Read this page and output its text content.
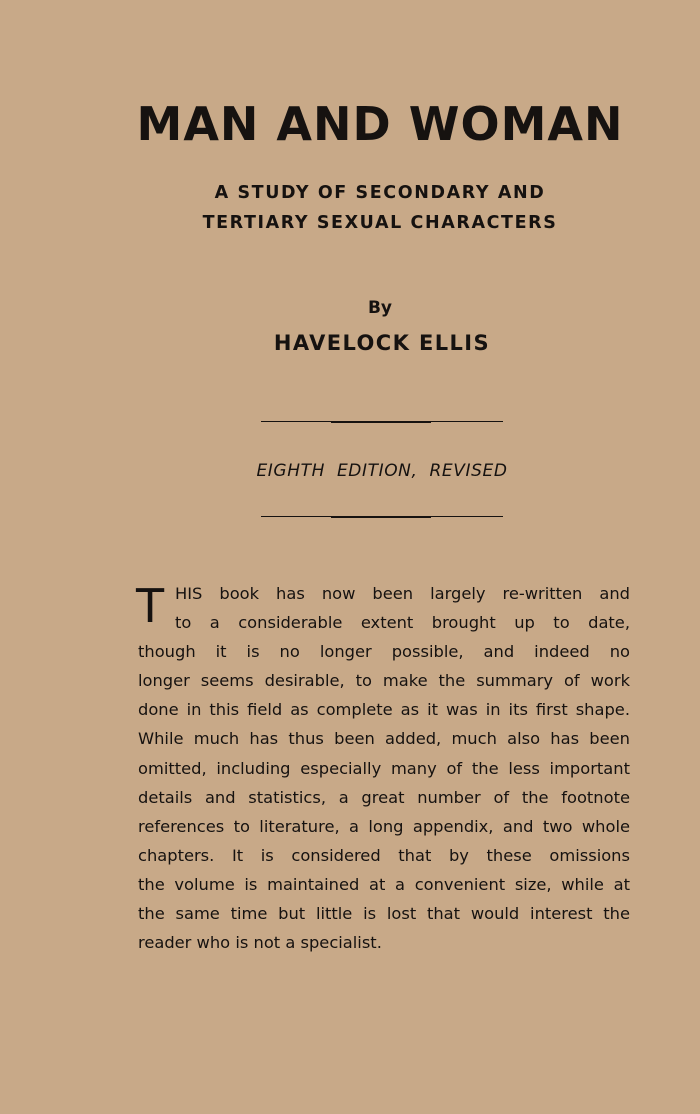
MAN AND WOMAN
A STUDY OF SECONDARY AND
TERTIARY SEXUAL CHARACTERS
By
HAVELOCK ELLIS
EIGHTH  EDITION,  REVISED
T HIS book has now been largely re-written and
to a considerable extent brought up to date,
though it is no longer possible, and indeed no
longer seems desirable, to make the summary of work
done in this field as complete as it was in its first shape.
While much has thus been added, much also has been
omitted, including especially many of the less important
details and statistics, a great number of the footnote
references to literature, a long appendix, and two whole
chapters. It is considered that by these omissions
the volume is maintained at a convenient size, while at
the same time but little is lost that would interest the
reader who is not a specialist.
